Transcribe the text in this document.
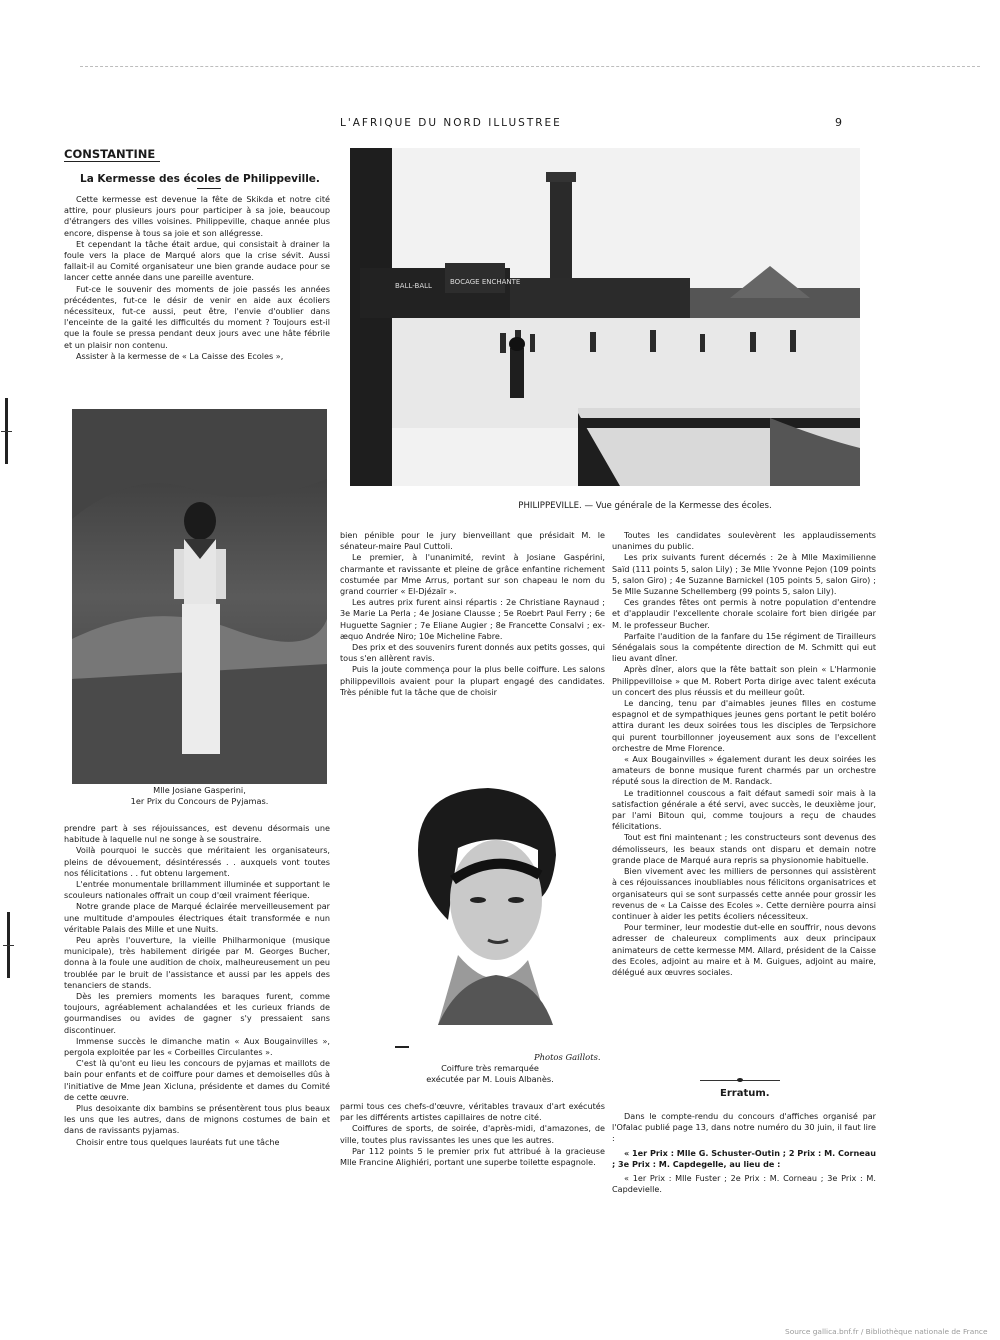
L'AFRIQUE DU NORD ILLUSTREE	9
CONSTANTINE
La Kermesse des écoles de Philippeville.

Cette kermesse est devenue la fête de Skikda et notre cité attire, pour plusieurs jours pour participer à sa joie, beaucoup d'étrangers des villes voisines. Philippeville, chaque année plus encore, dispense à tous sa joie et son allégresse.

Et cependant la tâche était ardue, qui consistait à drainer la foule vers la place de Marqué alors que la crise sévit. Aussi fallait-il au Comité organisateur une bien grande audace pour se lancer cette année dans une pareille aventure.

Fut-ce le souvenir des moments de joie passés les années précédentes, fut-ce le désir de venir en aide aux écoliers nécessiteux, fut-ce aussi, peut être, l'envie d'oublier dans l'enceinte de la gaité les difficultés du moment ? Toujours est-il que la foule se pressa pendant deux jours avec une hâte fébrile et un plaisir non contenu.

Assister à la kermesse de « La Caisse des Ecoles »,

Mlle Josiane Gasperini,
1er Prix du Concours de Pyjamas.

prendre part à ses réjouissances, est devenu désormais une habitude à laquelle nul ne songe à se soustraire.

Voilà pourquoi le succès que méritaient les organisateurs, pleins de dévouement, désintéressés . . auxquels vont toutes nos félicitations . . fut obtenu largement.

L'entrée monumentale brillamment illuminée et supportant le scouleurs nationales offrait un coup d'œil vraiment féerique.

Notre grande place de Marqué éclairée merveilleusement par une multitude d'ampoules électriques était transformée e nun véritable Palais des Mille et une Nuits.

Peu après l'ouverture, la vieille Philharmonique (musique municipale), très habilement dirigée par M. Georges Bucher, donna à la foule une audition de choix, malheureusement un peu troublée par le bruit de l'assistance et aussi par les appels des tenanciers de stands.

Dès les premiers moments les baraques furent, comme toujours, agréablement achalandées et les curieux friands de gourmandises ou avides de gagner s'y pressaient sans discontinuer.

Immense succès le dimanche matin « Aux Bougainvilles », pergola exploitée par les « Corbeilles Circulantes ».

C'est là qu'ont eu lieu les concours de pyjamas et maillots de bain pour enfants et de coiffure pour dames et demoiselles dûs à l'initiative de Mme Jean Xicluna, présidente et dames du Comité de cette œuvre.

Plus desoixante dix bambins se présentèrent tous plus beaux les uns que les autres, dans de mignons costumes de bain et dans de ravissants pyjamas.

Choisir entre tous quelques lauréats fut une tâche

BALL-BALL	BOCAGE ENCHANTE
PHILIPPEVILLE. — Vue générale de la Kermesse des écoles.

bien pénible pour le jury bienveillant que présidait M. le sénateur-maire Paul Cuttoli.

Le premier, à l'unanimité, revint à Josiane Gaspérini, charmante et ravissante et pleine de grâce enfantine richement costumée par Mme Arrus, portant sur son chapeau le nom du grand courrier « El-Djézaïr ».

Les autres prix furent ainsi répartis : 2e Christiane Raynaud ; 3e Marie La Perla ; 4e Josiane Clausse ; 5e Roebrt Paul Ferry ; 6e Huguette Sagnier ; 7e Eliane Augier ; 8e Francette Consalvi ; ex-æquo Andrée Niro; 10e Micheline Fabre.

Des prix et des souvenirs furent donnés aux petits gosses, qui tous s'en allèrent ravis.

Puis la joute commença pour la plus belle coiffure. Les salons philippevillois avaient pour la plupart engagé des candidates. Très pénible fut la tâche que de choisir

Photos Gaillots.
Coiffure très remarquée
exécutée par M. Louis Albanès.

parmi tous ces chefs-d'œuvre, véritables travaux d'art exécutés par les différents artistes capillaires de notre cité.

Coiffures de sports, de soirée, d'après-midi, d'amazones, de ville, toutes plus ravissantes les unes que les autres.

Par 112 points 5 le premier prix fut attribué à la gracieuse Mlle Francine Alighiéri, portant une superbe toilette espagnole.

Toutes les candidates soulevèrent les applaudissements unanimes du public.

Les prix suivants furent décernés : 2e à Mlle Maximilienne Saïd (111 points 5, salon Lily) ; 3e Mlle Yvonne Pejon (109 points 5, salon Giro) ; 4e Suzanne Barnickel (105 points 5, salon Giro) ; 5e Mlle Suzanne Schellemberg (99 points 5, salon Lily).

Ces grandes fêtes ont permis à notre population d'entendre et d'applaudir l'excellente chorale scolaire fort bien dirigée par M. le professeur Bucher.

Parfaite l'audition de la fanfare du 15e régiment de Tirailleurs Sénégalais sous la compétente direction de M. Schmitt qui eut lieu avant dîner.

Après dîner, alors que la fête battait son plein « L'Harmonie Philippevilloise » que M. Robert Porta dirige avec talent exécuta un concert des plus réussis et du meilleur goût.

Le dancing, tenu par d'aimables jeunes filles en costume espagnol et de sympathiques jeunes gens portant le petit boléro attira durant les deux soirées tous les disciples de Terpsichore qui purent tourbillonner joyeusement aux sons de l'excellent orchestre de Mme Florence.

« Aux Bougainvilles » également durant les deux soirées les amateurs de bonne musique furent charmés par un orchestre réputé sous la direction de M. Randack.

Le traditionnel couscous a fait défaut samedi soir mais à la satisfaction générale a été servi, avec succès, le deuxième jour, par l'ami Bitoun qui, comme toujours a reçu de chaudes félicitations.

Tout est fini maintenant ; les constructeurs sont devenus des démolisseurs, les beaux stands ont disparu et demain notre grande place de Marqué aura repris sa physionomie habituelle.

Bien vivement avec les milliers de personnes qui assistèrent à ces réjouissances inoubliables nous félicitons organisatrices et organisateurs qui se sont surpassés cette année pour grossir les revenus de « La Caisse des Ecoles ». Cette dernière pourra ainsi continuer à aider les petits écoliers nécessiteux.

Pour terminer, leur modestie dut-elle en souffrir, nous devons adresser de chaleureux compliments aux deux principaux animateurs de cette kermesse MM. Allard, président de la Caisse des Ecoles, adjoint au maire et à M. Guigues, adjoint au maire, délégué aux œuvres sociales.

Erratum.

Dans le compte-rendu du concours d'affiches organisé par l'Ofalac publié page 13, dans notre numéro du 30 juin, il faut lire :

« 1er Prix : Mlle G. Schuster-Outin ; 2 Prix : M. Corneau ; 3e Prix : M. Capdegelle, au lieu de :

« 1er Prix : Mlle Fuster ; 2e Prix : M. Corneau ; 3e Prix : M. Capdevielle.

Source gallica.bnf.fr / Bibliothèque nationale de France
